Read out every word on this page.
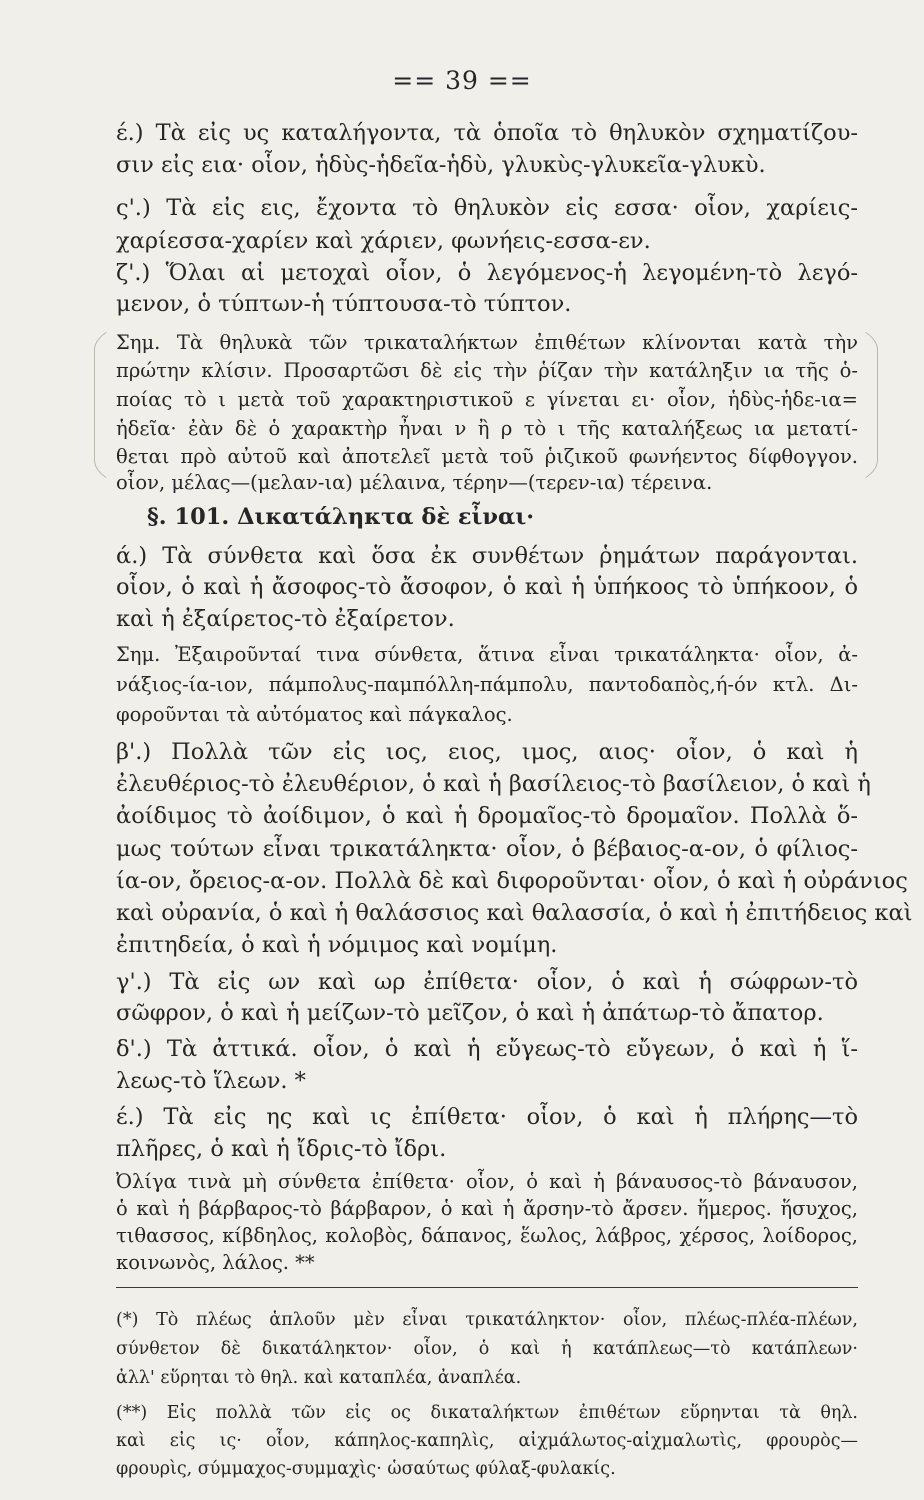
== 39 ==
έ.) Τὰ εἰς υς καταλήγοντα, τὰ ὁποῖα τὸ θηλυκὸν σχηματίζου-
σιν εἰς εια· οἷον, ἡδὺς-ἡδεῖα-ἡδὺ, γλυκὺς-γλυκεῖα-γλυκὺ.
ς'.) Τὰ εἰς εις, ἔχοντα τὸ θηλυκὸν εἰς εσσα· οἷον, χαρίεις-
χαρίεσσα-χαρίεν καὶ χάριεν, φωνήεις-εσσα-εν.
ζ'.) Ὅλαι αἱ μετοχαὶ οἷον, ὁ λεγόμενος-ἡ λεγομένη-τὸ λεγό-
μενον, ὁ τύπτων-ἡ τύπτουσα-τὸ τύπτον.
Σημ. Τὰ θηλυκὰ τῶν τρικαταλήκτων ἐπιθέτων κλίνονται κατὰ τὴν
πρώτην κλίσιν. Προσαρτῶσι δὲ εἰς τὴν ῥίζαν τὴν κατάληξιν ια τῆς ὁ-
ποίας τὸ ι μετὰ τοῦ χαρακτηριστικοῦ ε γίνεται ει· οἷον, ἡδὺς-ἡδε-ια=
ἡδεῖα· ἐὰν δὲ ὁ χαρακτὴρ ἦναι ν ἢ ρ τὸ ι τῆς καταλήξεως ια μετατί-
θεται πρὸ αὐτοῦ καὶ ἀποτελεῖ μετὰ τοῦ ῥιζικοῦ φωνήεντος δίφθογγον.
οἷον, μέλας—(μελαν-ια) μέλαινα, τέρην—(τερεν-ια) τέρεινα.
§. 101. Δικατάληκτα δὲ εἶναι·
ά.) Τὰ σύνθετα καὶ ὅσα ἐκ συνθέτων ῥημάτων παράγονται.
οἷον, ὁ καὶ ἡ ἄσοφος-τὸ ἄσοφον, ὁ καὶ ἡ ὑπήκοος τὸ ὑπήκοον, ὁ
καὶ ἡ ἐξαίρετος-τὸ ἐξαίρετον.
Σημ. Ἐξαιροῦνταί τινα σύνθετα, ἅτινα εἶναι τρικατάληκτα· οἷον, ἀ-
νάξιος-ία-ιον, πάμπολυς-παμπόλλη-πάμπολυ, παντοδαπὸς,ή-όν κτλ. Δι-
φοροῦνται τὰ αὐτόματος καὶ πάγκαλος.
β'.) Πολλὰ τῶν εἰς ιος, ειος, ιμος, αιος· οἷον, ὁ καὶ ἡ
ἐλευθέριος-τὸ ἐλευθέριον, ὁ καὶ ἡ βασίλειος-τὸ βασίλειον, ὁ καὶ ἡ
ἀοίδιμος τὸ ἀοίδιμον, ὁ καὶ ἡ δρομαῖος-τὸ δρομαῖον. Πολλὰ ὅ-
μως τούτων εἶναι τρικατάληκτα· οἷον, ὁ βέβαιος-α-ον, ὁ φίλιος-
ία-ον, ὄρειος-α-ον. Πολλὰ δὲ καὶ διφοροῦνται· οἷον, ὁ καὶ ἡ οὐράνιος
καὶ οὐρανία, ὁ καὶ ἡ θαλάσσιος καὶ θαλασσία, ὁ καὶ ἡ ἐπιτήδειος καὶ
ἐπιτηδεία, ὁ καὶ ἡ νόμιμος καὶ νομίμη.
γ'.) Τὰ εἰς ων καὶ ωρ ἐπίθετα· οἷον, ὁ καὶ ἡ σώφρων-τὸ
σῶφρον, ὁ καὶ ἡ μείζων-τὸ μεῖζον, ὁ καὶ ἡ ἀπάτωρ-τὸ ἄπατορ.
δ'.) Τὰ ἀττικά. οἷον, ὁ καὶ ἡ εὔγεως-τὸ εὔγεων, ὁ καὶ ἡ ἵ-
λεως-τὸ ἵλεων. *
έ.) Τὰ εἰς ης καὶ ις ἐπίθετα· οἷον, ὁ καὶ ἡ πλήρης—τὸ
πλῆρες, ὁ καὶ ἡ ἴδρις-τὸ ἴδρι.
Ὀλίγα τινὰ μὴ σύνθετα ἐπίθετα· οἷον, ὁ καὶ ἡ βάναυσος-τὸ βάναυσον,
ὁ καὶ ἡ βάρβαρος-τὸ βάρβαρον, ὁ καὶ ἡ ἄρσην-τὸ ἄρσεν. ἥμερος. ἥσυχος,
τιθασσος, κίβδηλος, κολοβὸς, δάπανος, ἕωλος, λάβρος, χέρσος, λοίδορος,
κοινωνὸς, λάλος. **
(*) Τὸ πλέως ἁπλοῦν μὲν εἶναι τρικατάληκτον· οἷον, πλέως-πλέα-πλέων,
σύνθετον δὲ δικατάληκτον· οἷον, ὁ καὶ ἡ κατάπλεως—τὸ κατάπλεων·
ἀλλ' εὕρηται τὸ θηλ. καὶ καταπλέα, ἀναπλέα.
(**) Εἰς πολλὰ τῶν εἰς ος δικαταλήκτων ἐπιθέτων εὕρηνται τὰ θηλ.
καὶ εἰς ις· οἷον, κάπηλος-καπηλὶς, αἰχμάλωτος-αἰχμαλωτὶς, φρουρὸς—
φρουρὶς, σύμμαχος-συμμαχὶς· ὡσαύτως φύλαξ-φυλακίς.
